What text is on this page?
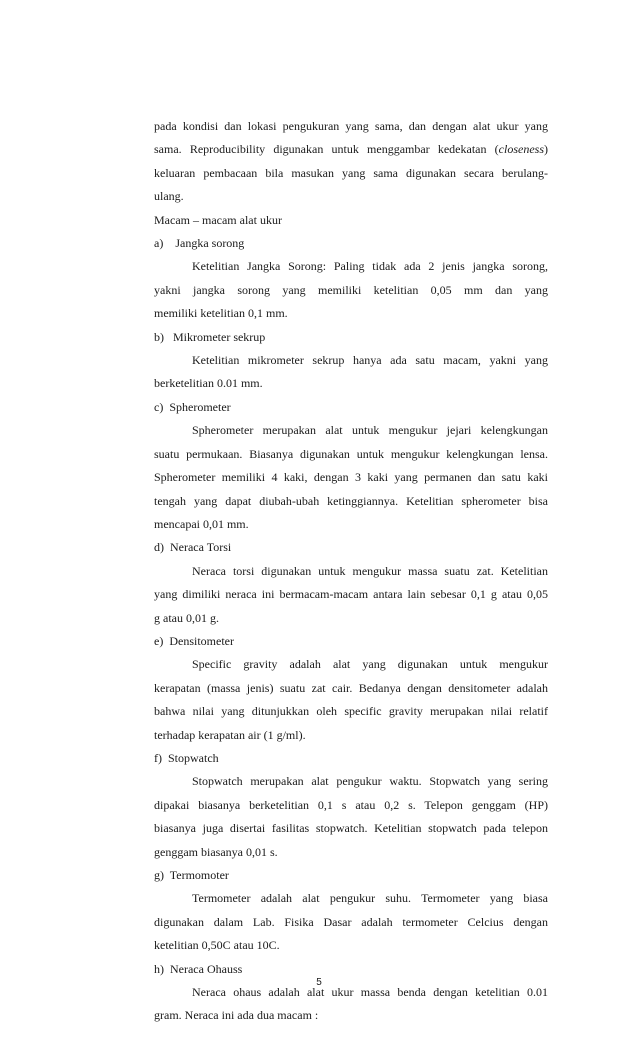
pada kondisi dan lokasi pengukuran yang sama, dan dengan alat ukur yang

sama. Reproducibility digunakan untuk menggambar kedekatan (closeness)

keluaran pembacaan bila masukan yang sama digunakan secara berulang-

ulang.

Macam – macam alat ukur

a)    Jangka sorong

Ketelitian Jangka Sorong: Paling tidak ada 2 jenis jangka sorong,

yakni jangka sorong yang memiliki ketelitian 0,05 mm dan yang

memiliki ketelitian 0,1 mm.

b)   Mikrometer sekrup

Ketelitian mikrometer sekrup hanya ada satu macam, yakni yang

berketelitian 0.01 mm.

c)  Spherometer

Spherometer merupakan alat untuk mengukur jejari kelengkungan

suatu permukaan. Biasanya digunakan untuk mengukur kelengkungan lensa.

Spherometer memiliki 4 kaki, dengan 3 kaki yang permanen dan satu kaki

tengah yang dapat diubah-ubah ketinggiannya. Ketelitian spherometer bisa

mencapai 0,01 mm.

d)  Neraca Torsi

Neraca torsi digunakan untuk mengukur massa suatu zat. Ketelitian

yang dimiliki neraca ini bermacam-macam antara lain sebesar 0,1 g atau 0,05

g atau 0,01 g.

e)  Densitometer

Specific gravity adalah alat yang digunakan untuk mengukur

kerapatan (massa jenis) suatu zat cair. Bedanya dengan densitometer adalah

bahwa nilai yang ditunjukkan oleh specific gravity merupakan nilai relatif

terhadap kerapatan air (1 g/ml).

f)  Stopwatch

Stopwatch merupakan alat pengukur waktu. Stopwatch yang sering

dipakai biasanya berketelitian 0,1 s atau 0,2 s. Telepon genggam (HP)

biasanya juga disertai fasilitas stopwatch. Ketelitian stopwatch pada telepon

genggam biasanya 0,01 s.

g)  Termomoter

Termometer adalah alat pengukur suhu. Termometer yang biasa

digunakan dalam Lab. Fisika Dasar adalah termometer Celcius dengan

ketelitian 0,50C atau 10C.

h)  Neraca Ohauss

Neraca ohaus adalah alat ukur massa benda dengan ketelitian 0.01

gram. Neraca ini ada dua macam :

5
